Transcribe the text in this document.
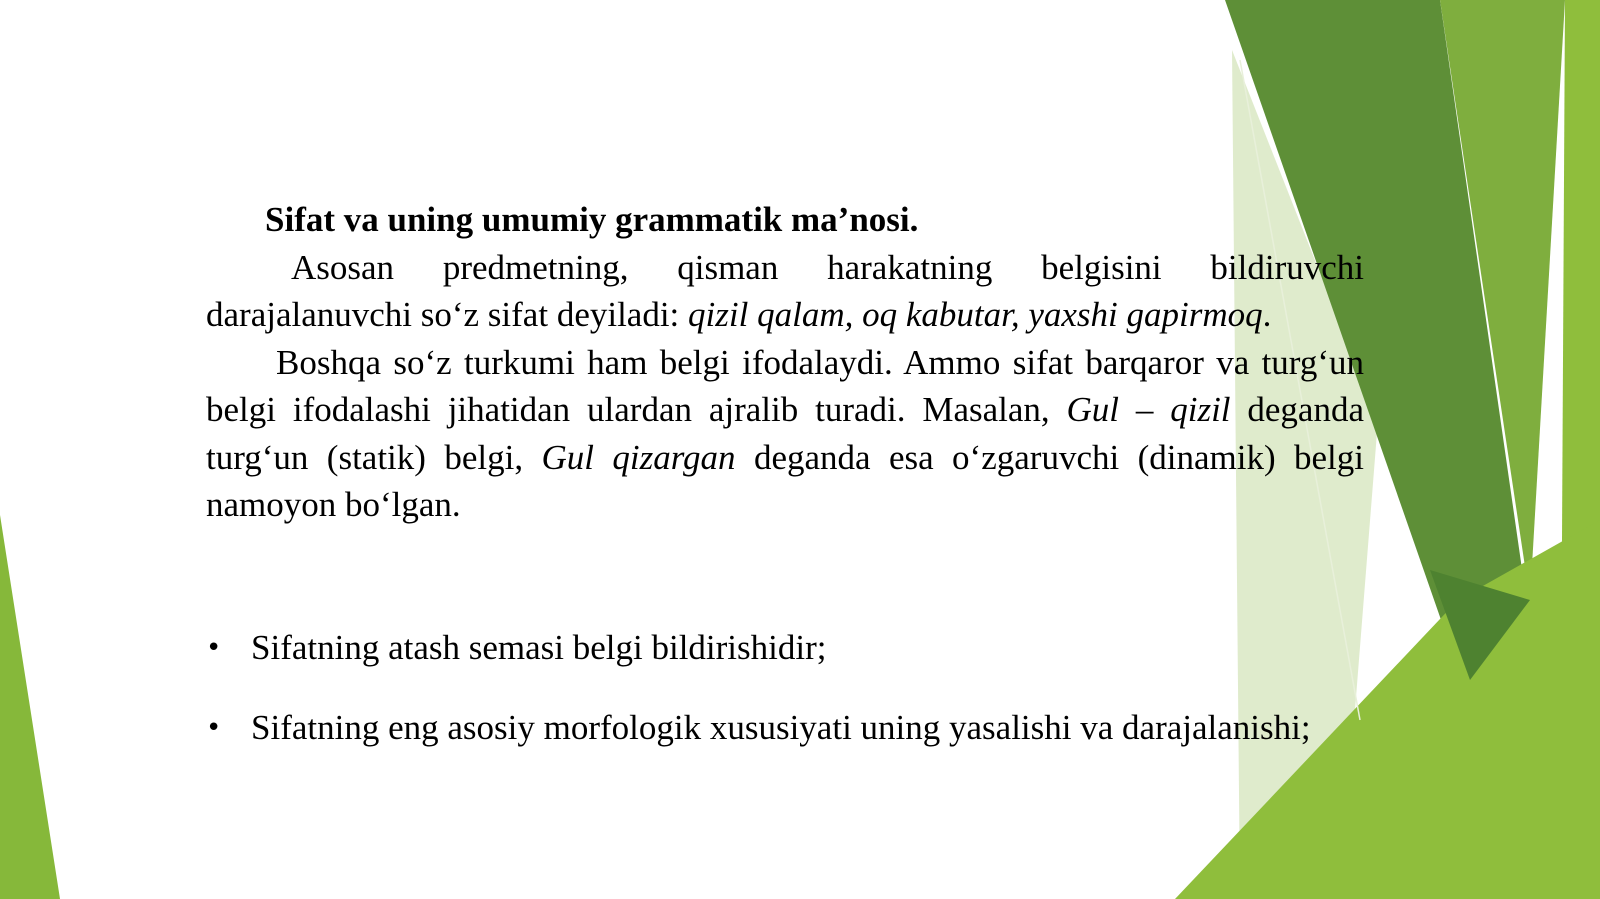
Sifat va uning umumiy grammatik ma’nosi.

Asosan predmetning, qisman harakatning belgisini bildiruvchi darajalanuvchi so‘z sifat deyiladi: qizil qalam, oq kabutar, yaxshi gapirmoq.

Boshqa so‘z turkumi ham belgi ifodalaydi. Ammo sifat barqaror va turg‘un belgi ifodalashi jihatidan ulardan ajralib turadi. Masalan, Gul – qizil deganda turg‘un (statik) belgi, Gul qizargan deganda esa o‘zgaruvchi (dinamik) belgi namoyon bo‘lgan.

• Sifatning atash semasi belgi bildirishidir;
• Sifatning eng asosiy morfologik xususiyati uning yasalishi va darajalanishi;
